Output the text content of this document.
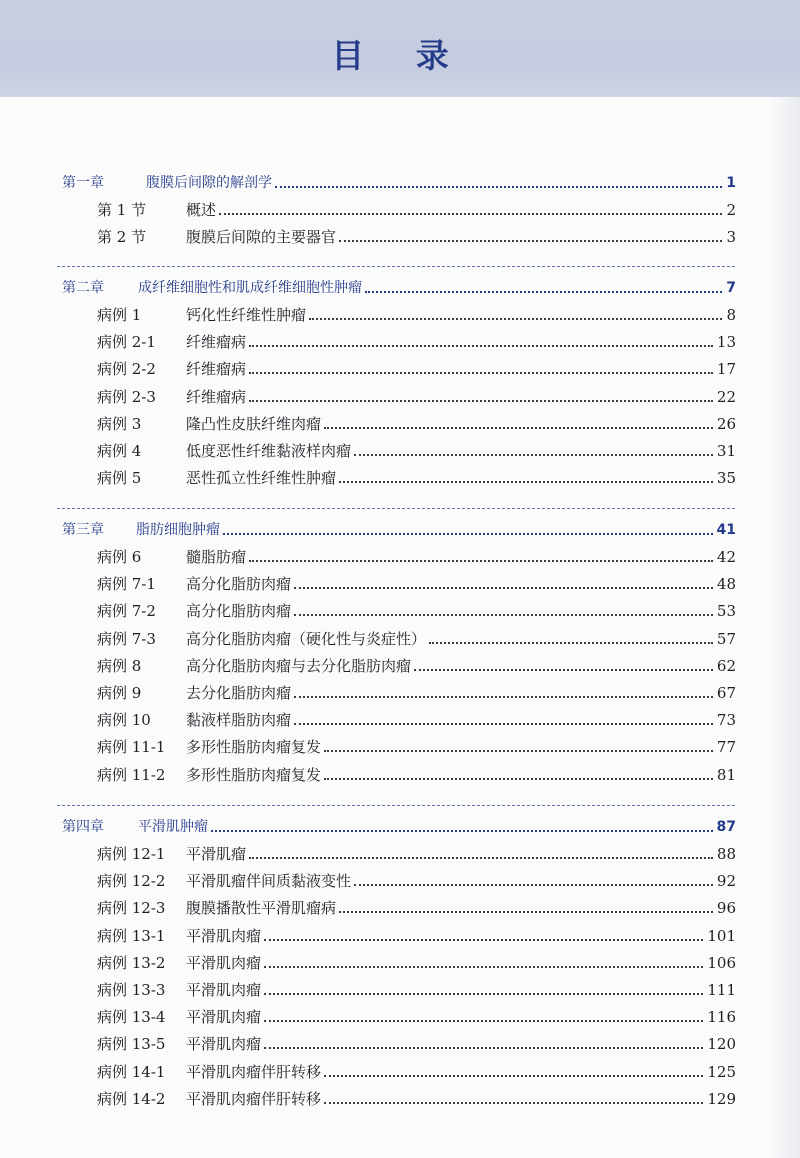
目 录
第一章	腹膜后间隙的解剖学	1
第 1 节	概述	2
第 2 节	腹膜后间隙的主要器官	3
第二章 成纤维细胞性和肌成纤维细胞性肿瘤	7
病例 1	钙化性纤维性肿瘤	8
病例 2-1 纤维瘤病	13
病例 2-2 纤维瘤病	17
病例 2-3 纤维瘤病	22
病例 3	隆凸性皮肤纤维肉瘤	26
病例 4	低度恶性纤维黏液样肉瘤	31
病例 5	恶性孤立性纤维性肿瘤	35
第三章 脂肪细胞肿瘤	41
病例 6	髓脂肪瘤	42
病例 7-1 高分化脂肪肉瘤	48
病例 7-2 高分化脂肪肉瘤	53
病例 7-3 高分化脂肪肉瘤（硬化性与炎症性）	57
病例 8	高分化脂肪肉瘤与去分化脂肪肉瘤	62
病例 9	去分化脂肪肉瘤	67
病例 10 黏液样脂肪肉瘤	73
病例 11-1 多形性脂肪肉瘤复发	77
病例 11-2 多形性脂肪肉瘤复发	81
第四章 平滑肌肿瘤	87
病例 12-1 平滑肌瘤	88
病例 12-2 平滑肌瘤伴间质黏液变性	92
病例 12-3 腹膜播散性平滑肌瘤病	96
病例 13-1 平滑肌肉瘤	101
病例 13-2 平滑肌肉瘤	106
病例 13-3 平滑肌肉瘤	111
病例 13-4 平滑肌肉瘤	116
病例 13-5 平滑肌肉瘤	120
病例 14-1 平滑肌肉瘤伴肝转移	125
病例 14-2 平滑肌肉瘤伴肝转移	129
